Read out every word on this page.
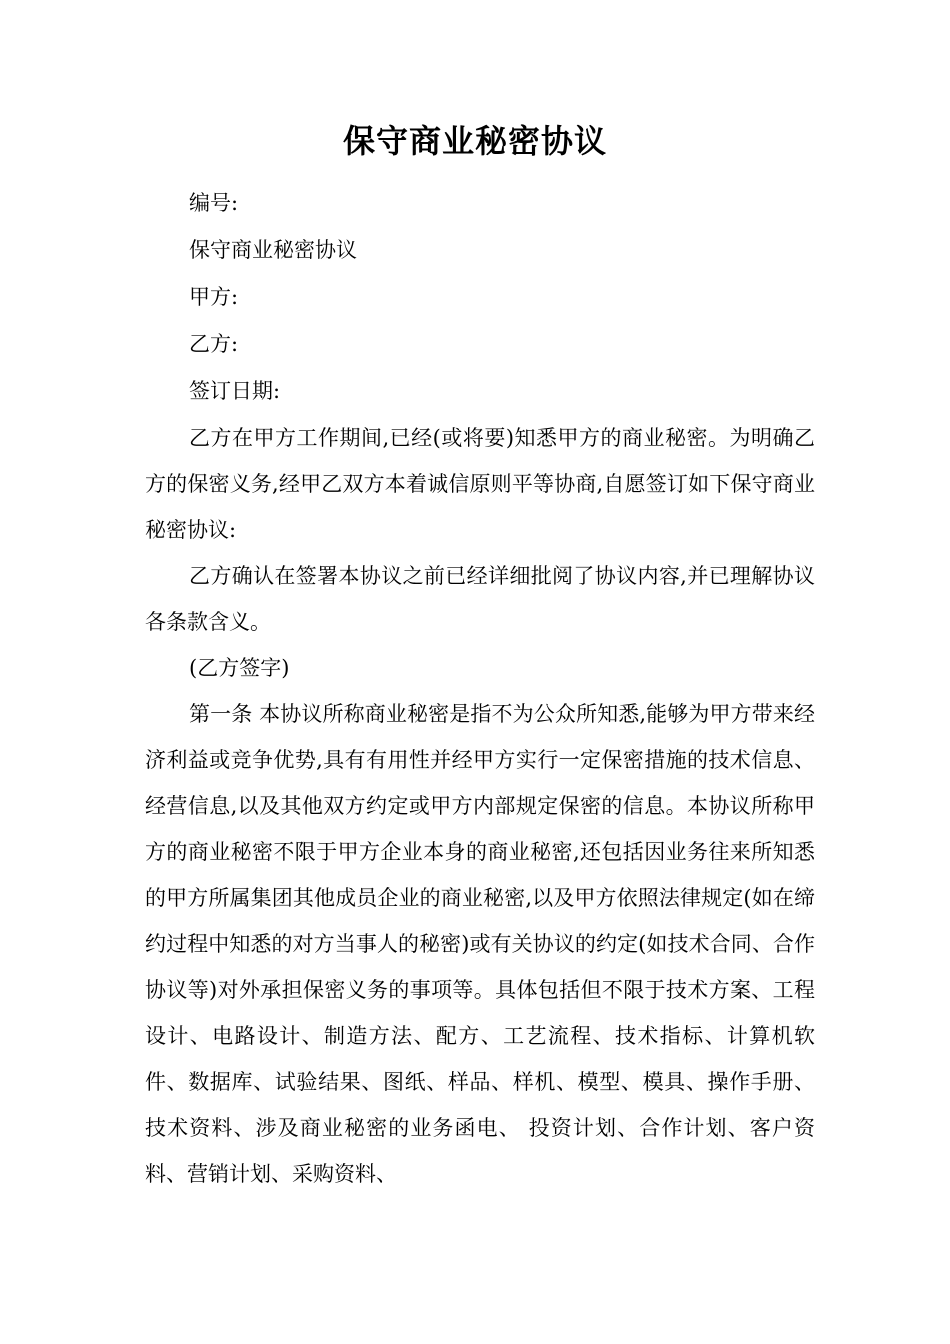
保守商业秘密协议
编号:
保守商业秘密协议
甲方:
乙方:
签订日期:

乙方在甲方工作期间,已经(或将要)知悉甲方的商业秘密。为明确乙方的保密义务,经甲乙双方本着诚信原则平等协商,自愿签订如下保守商业秘密协议:

乙方确认在签署本协议之前已经详细批阅了协议内容,并已理解协议各条款含义。

(乙方签字)

第一条 本协议所称商业秘密是指不为公众所知悉,能够为甲方带来经济利益或竞争优势,具有有用性并经甲方实行一定保密措施的技术信息、经营信息,以及其他双方约定或甲方内部规定保密的信息。本协议所称甲方的商业秘密不限于甲方企业本身的商业秘密,还包括因业务往来所知悉的甲方所属集团其他成员企业的商业秘密,以及甲方依照法律规定(如在缔约过程中知悉的对方当事人的秘密)或有关协议的约定(如技术合同、合作协议等)对外承担保密义务的事项等。具体包括但不限于技术方案、工程设计、电路设计、制造方法、配方、工艺流程、技术指标、计算机软件、数据库、试验结果、图纸、样品、样机、模型、模具、操作手册、技术资料、涉及商业秘密的业务函电、 投资计划、合作计划、客户资料、营销计划、采购资料、
